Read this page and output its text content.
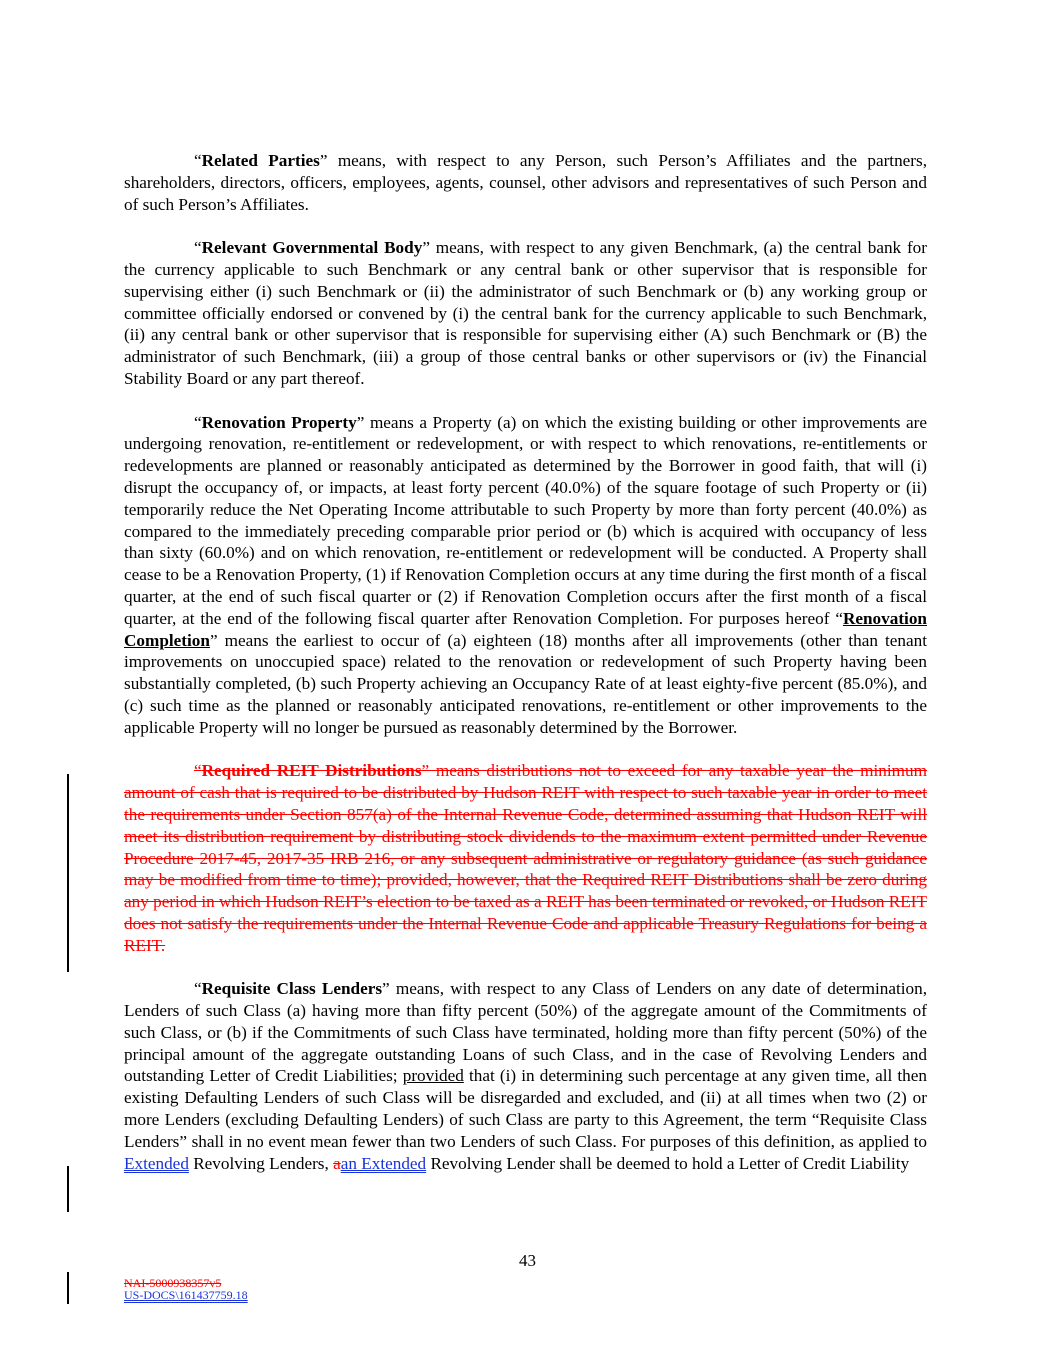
“Related Parties” means, with respect to any Person, such Person’s Affiliates and the partners, shareholders, directors, officers, employees, agents, counsel, other advisors and representatives of such Person and of such Person’s Affiliates.

“Relevant Governmental Body” means, with respect to any given Benchmark, (a) the central bank for the currency applicable to such Benchmark or any central bank or other supervisor that is responsible for supervising either (i) such Benchmark or (ii) the administrator of such Benchmark or (b) any working group or committee officially endorsed or convened by (i) the central bank for the currency applicable to such Benchmark, (ii) any central bank or other supervisor that is responsible for supervising either (A) such Benchmark or (B) the administrator of such Benchmark, (iii) a group of those central banks or other supervisors or (iv) the Financial Stability Board or any part thereof.

“Renovation Property” means a Property (a) on which the existing building or other improvements are undergoing renovation, re-entitlement or redevelopment, or with respect to which renovations, re-entitlements or redevelopments are planned or reasonably anticipated as determined by the Borrower in good faith, that will (i) disrupt the occupancy of, or impacts, at least forty percent (40.0%) of the square footage of such Property or (ii) temporarily reduce the Net Operating Income attributable to such Property by more than forty percent (40.0%) as compared to the immediately preceding comparable prior period or (b) which is acquired with occupancy of less than sixty (60.0%) and on which renovation, re-entitlement or redevelopment will be conducted. A Property shall cease to be a Renovation Property, (1) if Renovation Completion occurs at any time during the first month of a fiscal quarter, at the end of such fiscal quarter or (2) if Renovation Completion occurs after the first month of a fiscal quarter, at the end of the following fiscal quarter after Renovation Completion. For purposes hereof “Renovation Completion” means the earliest to occur of (a) eighteen (18) months after all improvements (other than tenant improvements on unoccupied space) related to the renovation or redevelopment of such Property having been substantially completed, (b) such Property achieving an Occupancy Rate of at least eighty-five percent (85.0%), and (c) such time as the planned or reasonably anticipated renovations, re-entitlement or other improvements to the applicable Property will no longer be pursued as reasonably determined by the Borrower.

“Required REIT Distributions” means distributions not to exceed for any taxable year the minimum amount of cash that is required to be distributed by Hudson REIT with respect to such taxable year in order to meet the requirements under Section 857(a) of the Internal Revenue Code, determined assuming that Hudson REIT will meet its distribution requirement by distributing stock dividends to the maximum extent permitted under Revenue Procedure 2017-45, 2017-35 IRB 216, or any subsequent administrative or regulatory guidance (as such guidance may be modified from time to time); provided, however, that the Required REIT Distributions shall be zero during any period in which Hudson REIT’s election to be taxed as a REIT has been terminated or revoked, or Hudson REIT does not satisfy the requirements under the Internal Revenue Code and applicable Treasury Regulations for being a REIT.

“Requisite Class Lenders” means, with respect to any Class of Lenders on any date of determination, Lenders of such Class (a) having more than fifty percent (50%) of the aggregate amount of the Commitments of such Class, or (b) if the Commitments of such Class have terminated, holding more than fifty percent (50%) of the principal amount of the aggregate outstanding Loans of such Class, and in the case of Revolving Lenders and outstanding Letter of Credit Liabilities; provided that (i) in determining such percentage at any given time, all then existing Defaulting Lenders of such Class will be disregarded and excluded, and (ii) at all times when two (2) or more Lenders (excluding Defaulting Lenders) of such Class are party to this Agreement, the term “Requisite Class Lenders” shall in no event mean fewer than two Lenders of such Class. For purposes of this definition, as applied to Extended Revolving Lenders, aan Extended Revolving Lender shall be deemed to hold a Letter of Credit Liability

43
NAI-5000938357v5
US-DOCS\161437759.18
